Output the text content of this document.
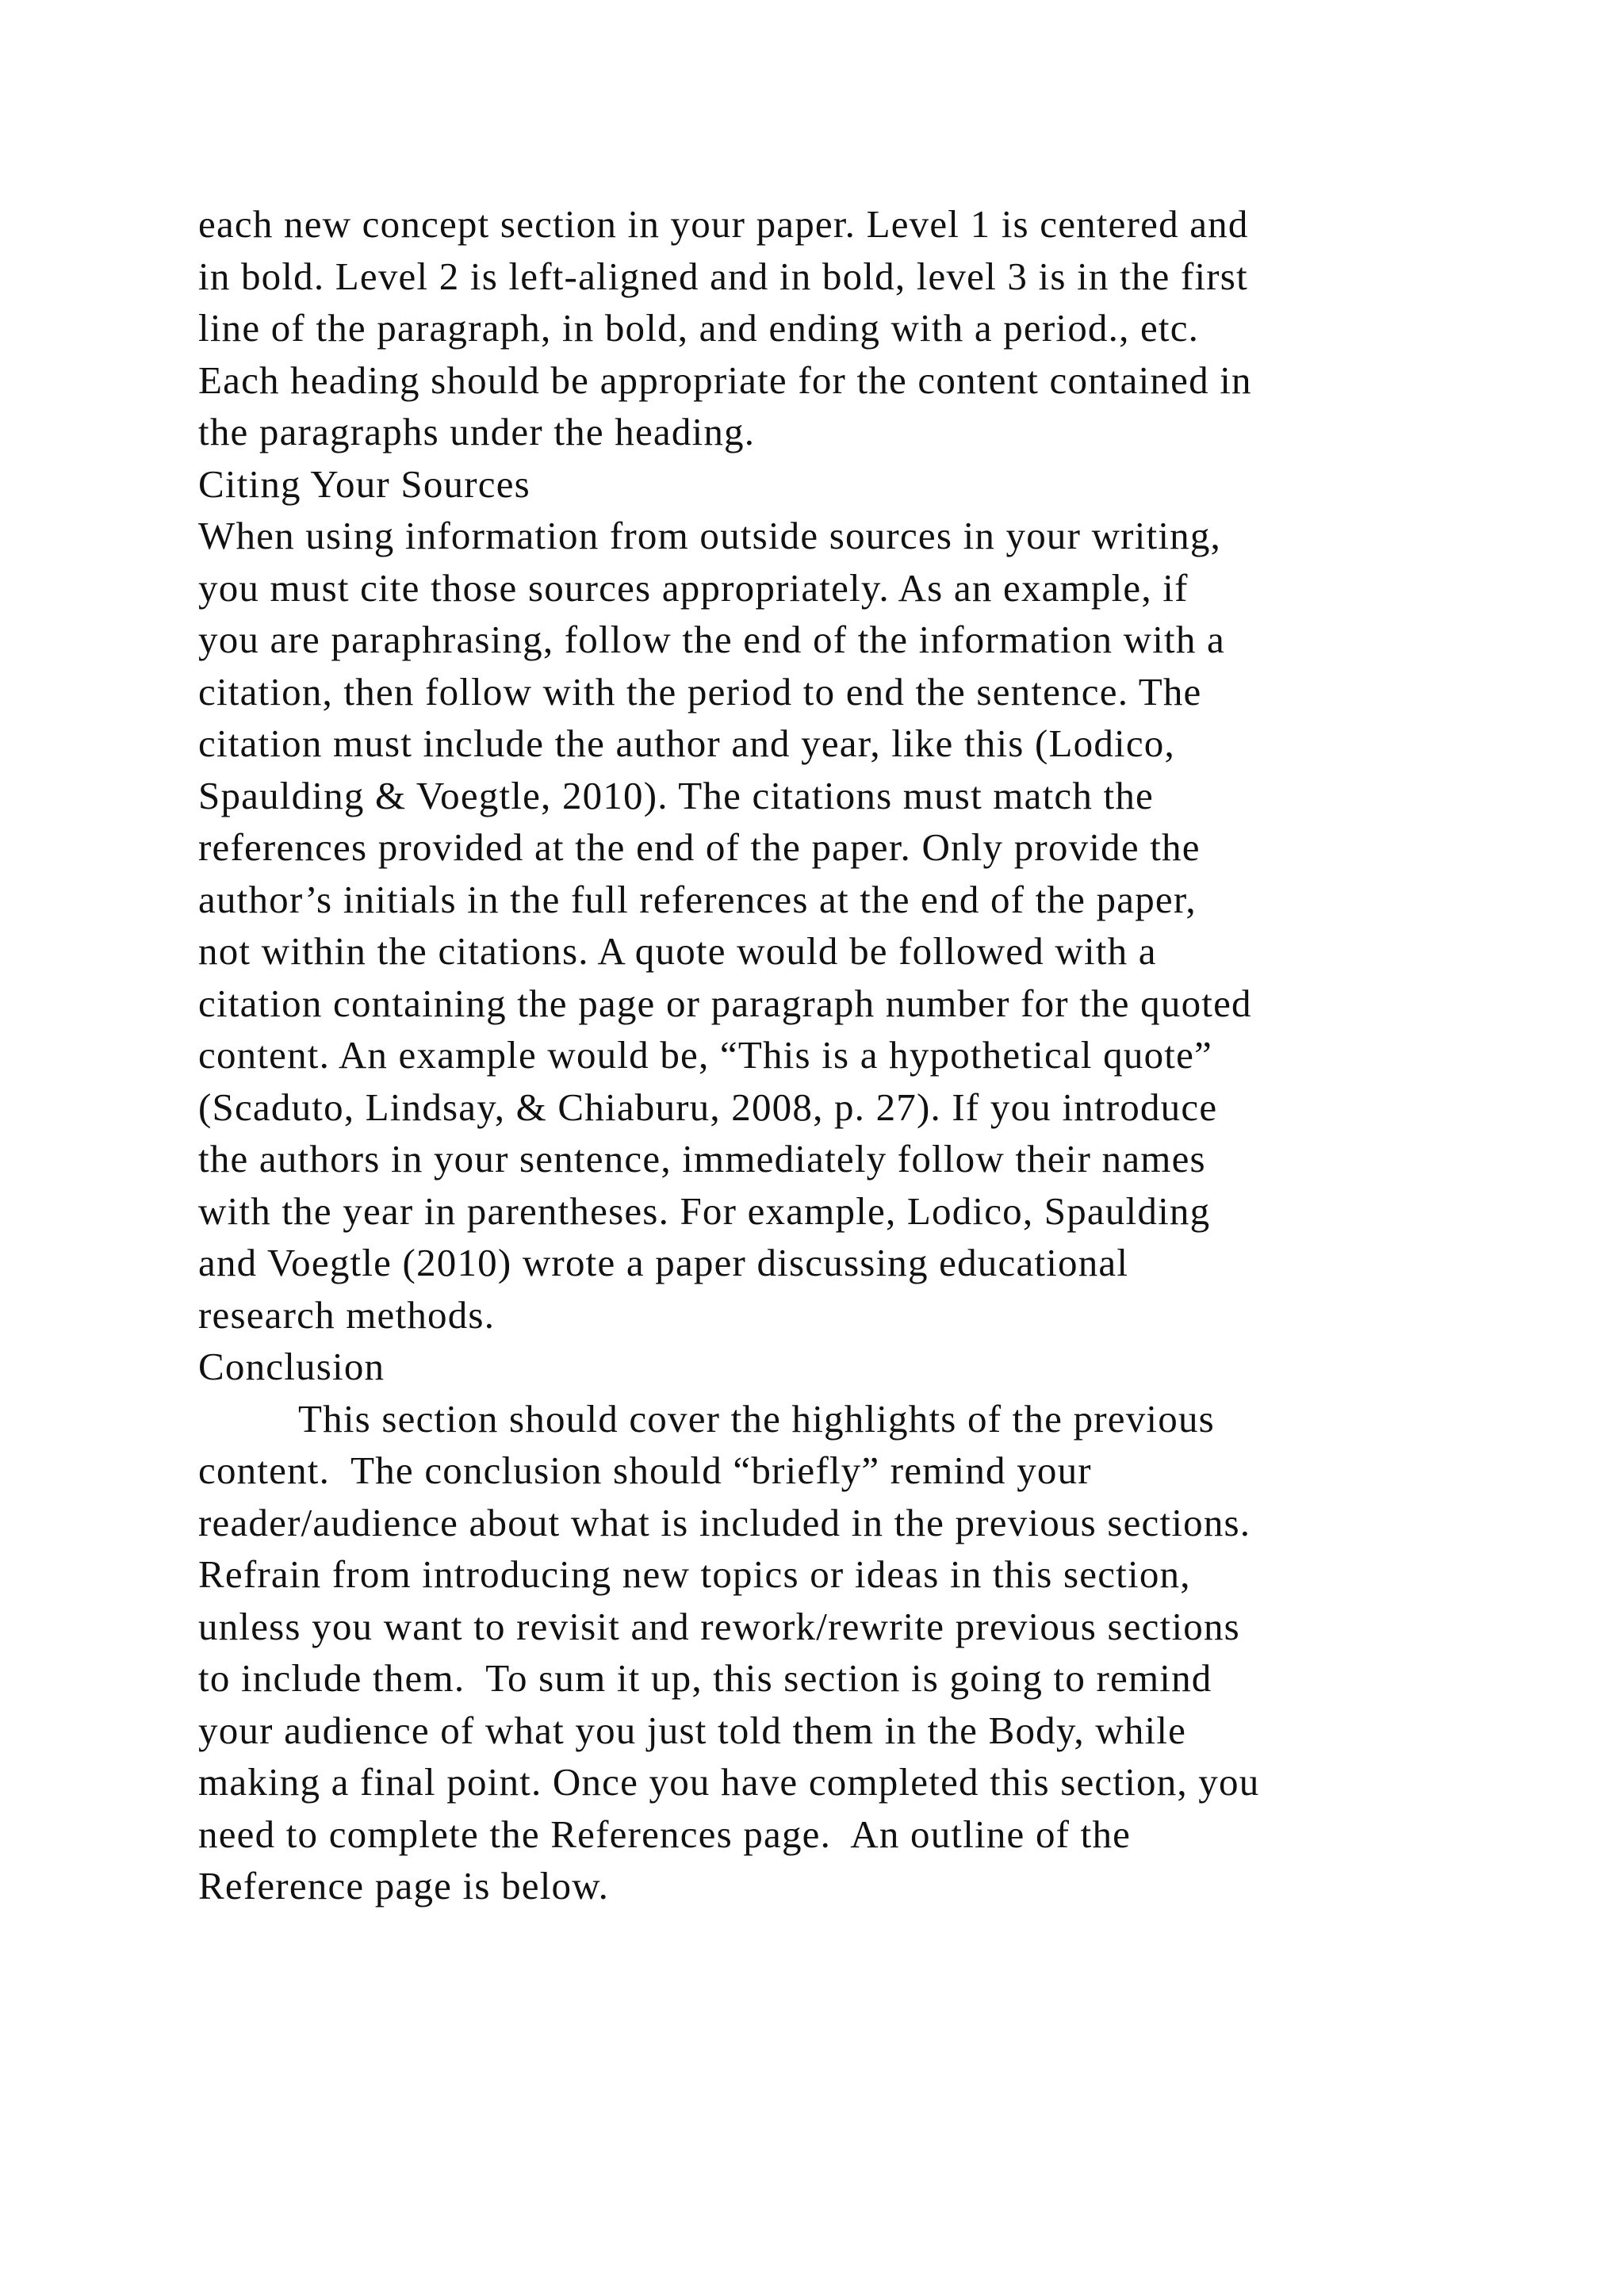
each new concept section in your paper. Level 1 is centered and
in bold. Level 2 is left-aligned and in bold, level 3 is in the first
line of the paragraph, in bold, and ending with a period., etc.
Each heading should be appropriate for the content contained in
the paragraphs under the heading.
Citing Your Sources
When using information from outside sources in your writing,
you must cite those sources appropriately. As an example, if
you are paraphrasing, follow the end of the information with a
citation, then follow with the period to end the sentence. The
citation must include the author and year, like this (Lodico,
Spaulding & Voegtle, 2010). The citations must match the
references provided at the end of the paper. Only provide the
author’s initials in the full references at the end of the paper,
not within the citations. A quote would be followed with a
citation containing the page or paragraph number for the quoted
content. An example would be, “This is a hypothetical quote”
(Scaduto, Lindsay, & Chiaburu, 2008, p. 27). If you introduce
the authors in your sentence, immediately follow their names
with the year in parentheses. For example, Lodico, Spaulding
and Voegtle (2010) wrote a paper discussing educational
research methods.
Conclusion
This section should cover the highlights of the previous
content.  The conclusion should “briefly” remind your
reader/audience about what is included in the previous sections.
Refrain from introducing new topics or ideas in this section,
unless you want to revisit and rework/rewrite previous sections
to include them.  To sum it up, this section is going to remind
your audience of what you just told them in the Body, while
making a final point. Once you have completed this section, you
need to complete the References page.  An outline of the
Reference page is below.
